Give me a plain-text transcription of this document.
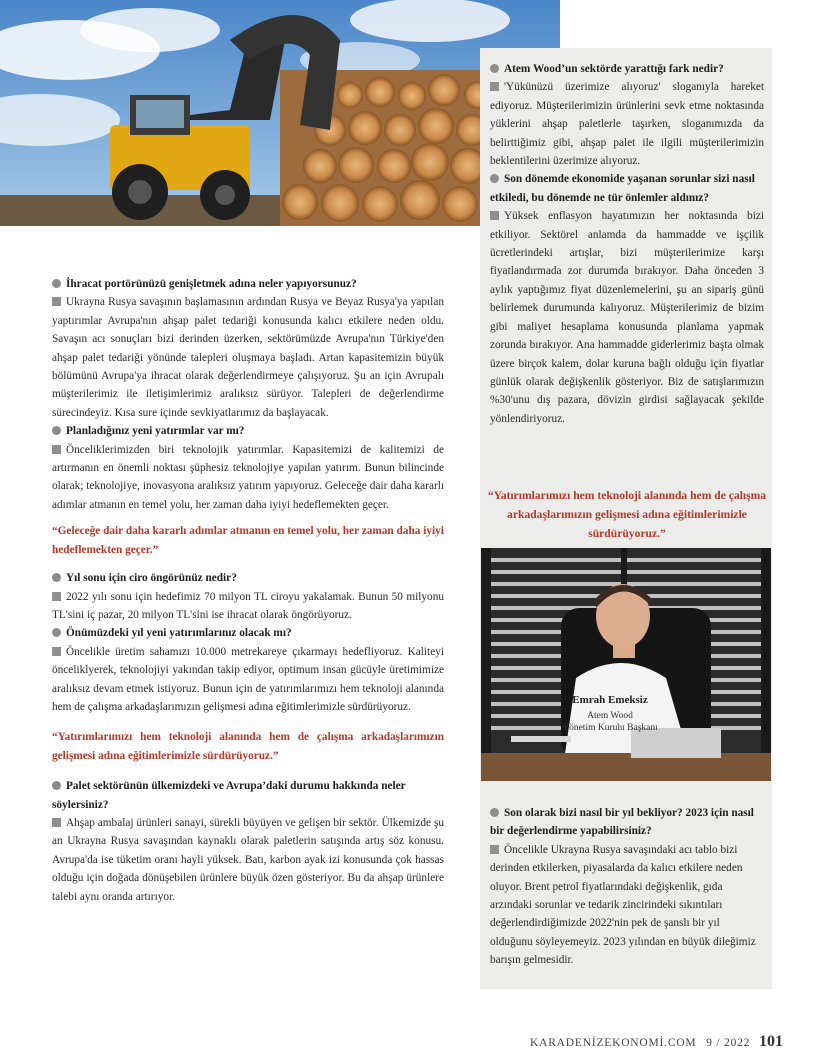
İhracat portörünüzü genişletmek adına neler yapıyorsunuz?

Ukrayna Rusya savaşının başlamasının ardından Rusya ve Beyaz Rusya'ya yapılan yaptırımlar Avrupa'nın ahşap palet tedariği konusunda kalıcı etkilere neden oldu. Savaşın acı sonuçları bizi derinden üzerken, sektörümüzde Avrupa'nın Türkiye'den ahşap palet tedariği yönünde talepleri oluşmaya başladı. Artan kapasitemizin büyük bölümünü Avrupa'ya ihracat olarak değerlendirmeye çalışıyoruz. Şu an için Avrupalı müşterilerimiz ile iletişimlerimiz aralıksız sürüyor. Talepleri de değerlendirme sürecindeyiz. Kısa sure içinde sevkiyatlarımız da başlayacak.

Planladığınız yeni yatırımlar var mı?

Önceliklerimizden biri teknolojik yatırımlar. Kapasitemizi de kalitemizi de artırmanın en önemli noktası şüphesiz teknolojiye yapılan yatırım. Bunun bilincinde olarak; teknolojiye, inovasyona aralıksız yatırım yapıyoruz. Geleceğe dair daha kararlı adımlar atmanın en temel yolu, her zaman daha iyiyi hedeflemekten geçer.

“Geleceğe dair daha kararlı adımlar atmanın en temel yolu, her zaman daha iyiyi hedeflemekten geçer.”

Yıl sonu için ciro öngörünüz nedir?

2022 yılı sonu için hedefimiz 70 milyon TL ciroyu yakalamak. Bunun 50 milyonu TL'sini iç pazar, 20 milyon TL'sini ise ihracat olarak öngörüyoruz.

Önümüzdeki yıl yeni yatırımlarınız olacak mı?

Öncelikle üretim sahamızı 10.000 metrekareye çıkarmayı hedefliyoruz. Kaliteyi önceliklyerek, teknolojiyi yakından takip ediyor, optimum insan gücüyle üretimimize aralıksız devam etmek istiyoruz. Bunun için de yatırımlarımızı hem teknoloji alanında hem de çalışma arkadaşlarımızın gelişmesi adına eğitimlerimizle sürdürüyoruz.

“Yatırımlarımızı hem teknoloji alanında hem de çalışma arkadaşlarımızın gelişmesi adına eğitimlerimizle sürdürüyoruz.”

Palet sektörünün ülkemizdeki ve Avrupa’daki durumu hakkında neler söylersiniz?

Ahşap ambalaj ürünleri sanayi, sürekli büyüyen ve gelişen bir sektör. Ülkemizde şu an Ukrayna Rusya savaşından kaynaklı olarak paletlerin satışında artış söz konusu. Avrupa'da ise tüketim oranı hayli yüksek. Batı, karbon ayak izi konusunda çok hassas olduğu için doğada dönüşebilen ürünlere büyük özen gösteriyor. Bu da ahşap ürünlere talebi aynı oranda artırıyor.

Atem Wood’un sektörde yarattığı fark nedir?

'Yükünüzü üzerimize alıyoruz' sloganıyla hareket ediyoruz. Müşterilerimizin ürünlerini sevk etme noktasında yüklerini ahşap paletlerle taşırken, sloganımızda da belirttiğimiz gibi, ahşap palet ile ilgili müşterilerimizin beklentilerini üzerimize alıyoruz.

Son dönemde ekonomide yaşanan sorunlar sizi nasıl etkiledi, bu dönemde ne tür önlemler aldınız?

Yüksek enflasyon hayatımızın her noktasında bizi etkiliyor. Sektörel anlamda da hammadde ve işçilik ücretlerindeki artışlar, bizi müşterilerimize karşı fiyatlandırmada zor durumda bırakıyor. Daha önceden 3 aylık yaptığımız fiyat düzenlemelerini, şu an sipariş günü belirlemek durumunda kalıyoruz. Müşterilerimiz de bizim gibi maliyet hesaplama konusunda planlama yapmak zorunda bırakıyor. Ana hammadde giderlerimiz başta olmak üzere birçok kalem, dolar kuruna bağlı olduğu için fiyatlar günlük olarak değişkenlik gösteriyor. Biz de satışlarımızın %30'unu dış pazara, dövizin girdisi sağlayacak şekilde yönlendiriyoruz.

“Yatırımlarımızı hem teknoloji alanında hem de çalışma arkadaşlarımızın gelişmesi adına eğitimlerimizle sürdürüyoruz.”
Emrah Emeksiz
Atem Wood
Yönetim Kurulu Başkanı

Son olarak bizi nasıl bir yıl bekliyor? 2023 için nasıl bir değerlendirme yapabilirsiniz?

Öncelikle Ukrayna Rusya savaşındaki acı tablo bizi derinden etkilerken, piyasalarda da kalıcı etkilere neden oluyor. Brent petrol fiyatlarındaki değişkenlik, gıda arzındaki sorunlar ve tedarik zincirindeki sıkıntıları değerlendirdiğimizde 2022'nin pek de şanslı bir yıl olduğunu söyleyemeyiz. 2023 yılından en büyük dileğimiz barışın gelmesidir.

KARADENİZEKONOMİ.COM 9 / 2022 101
